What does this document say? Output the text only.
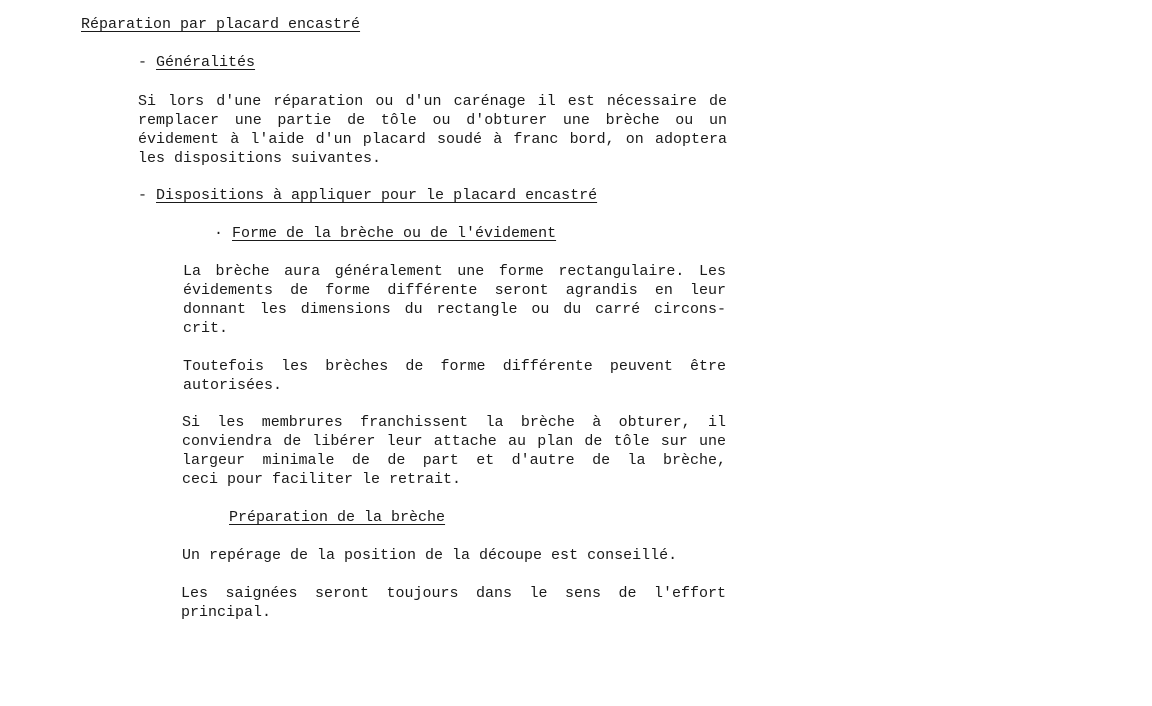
Réparation par placard encastré
- Généralités
Si lors d'une réparation ou d'un carénage il est nécessaire de
remplacer une partie de tôle ou d'obturer une brèche ou un
évidement à l'aide d'un placard soudé à franc bord, on adoptera
les dispositions suivantes.
- Dispositions à appliquer pour le placard encastré
· Forme de la brèche ou de l'évidement
La brèche aura généralement une forme rectangulaire. Les
évidements de forme différente seront agrandis en leur
donnant les dimensions du rectangle ou du carré circons-
crit.
Toutefois les brèches de forme différente peuvent être
autorisées.
Si les membrures franchissent la brèche à obturer, il
conviendra de libérer leur attache au plan de tôle sur une
largeur minimale de de part et d'autre de la brèche,
ceci pour faciliter le retrait.
Préparation de la brèche
Un repérage de la position de la découpe est conseillé.
Les saignées seront toujours dans le sens de l'effort
principal.
